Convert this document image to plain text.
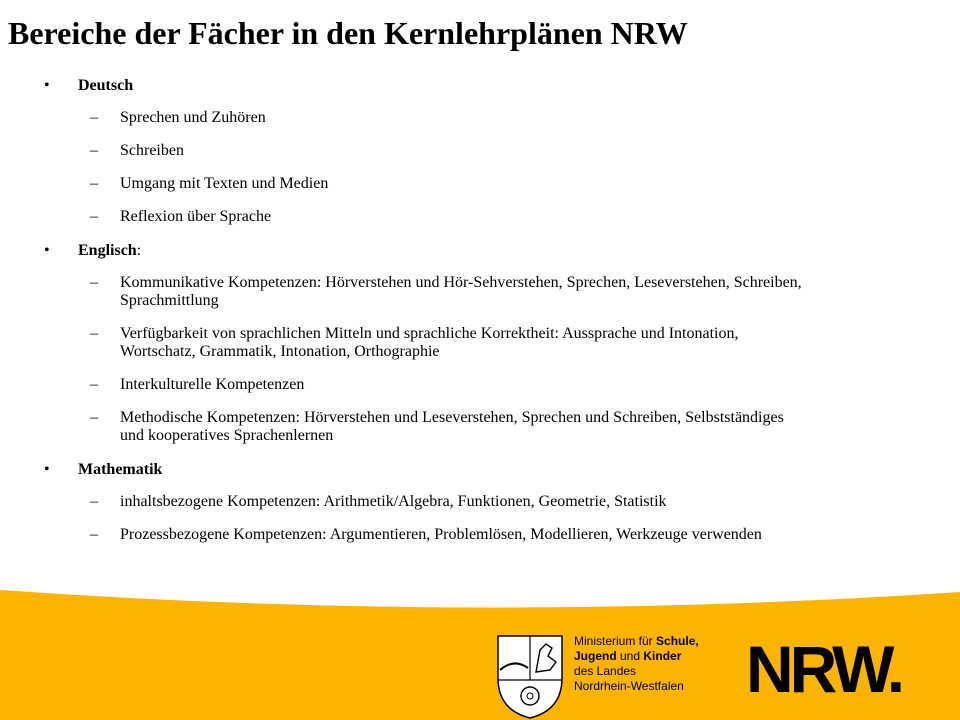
Bereiche der Fächer in den Kernlehrplänen NRW
• Deutsch
– Sprechen und Zuhören
– Schreiben
– Umgang mit Texten und Medien
– Reflexion über Sprache
• Englisch:
– Kommunikative Kompetenzen: Hörverstehen und Hör-Sehverstehen, Sprechen, Leseverstehen, Schreiben, Sprachmittlung
– Verfügbarkeit von sprachlichen Mitteln und sprachliche Korrektheit: Aussprache und Intonation, Wortschatz, Grammatik, Intonation, Orthographie
– Interkulturelle Kompetenzen
– Methodische Kompetenzen: Hörverstehen und Leseverstehen, Sprechen und Schreiben, Selbstständiges und kooperatives Sprachenlernen
• Mathematik
– inhaltsbezogene Kompetenzen: Arithmetik/Algebra, Funktionen, Geometrie, Statistik
– Prozessbezogene Kompetenzen: Argumentieren, Problemlösen, Modellieren, Werkzeuge verwenden
Ministerium für Schule,
Jugend und Kinder
des Landes
Nordrhein-Westfalen NRW.
